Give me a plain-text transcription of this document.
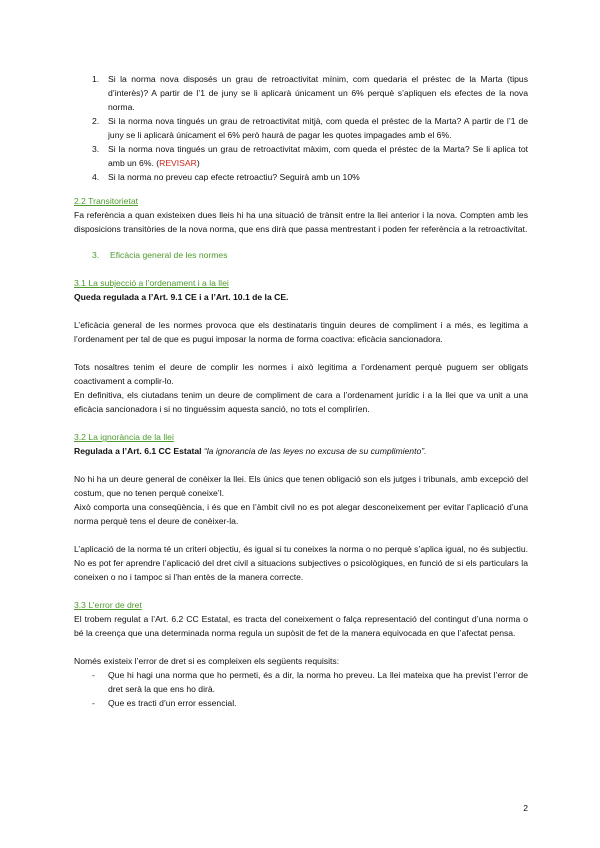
1. Si la norma nova disposés un grau de retroactivitat mínim, com quedaria el préstec de la Marta (tipus d’interès)? A partir de l’1 de juny se li aplicarà únicament un 6% perquè s’apliquen els efectes de la nova norma.
2. Si la norma nova tingués un grau de retroactivitat mitjà, com queda el préstec de la Marta? A partir de l’1 de juny se li aplicarà únicament el 6% però haurà de pagar les quotes impagades amb el 6%.
3. Si la norma nova tingués un grau de retroactivitat màxim, com queda el préstec de la Marta? Se li aplica tot amb un 6%. (REVISAR)
4. Si la norma no preveu cap efecte retroactiu? Seguirà amb un 10%
2.2 Transitorietat

Fa referència a quan existeixen dues lleis hi ha una situació de trànsit entre la llei anterior i la nova. Compten amb les disposicions transitòries de la nova norma, que ens dirà que passa mentrestant i poden fer referència a la retroactivitat.

3. Eficàcia general de les normes
3.1 La subjecció a l’ordenament i a la llei

Queda regulada a l’Art. 9.1 CE i a l’Art. 10.1 de la CE.

L’eficàcia general de les normes provoca que els destinataris tinguin deures de compliment i a més, es legitima a l’ordenament per tal de que es pugui imposar la norma de forma coactiva: eficàcia sancionadora.

Tots nosaltres tenim el deure de complir les normes i això legitima a l’ordenament perquè puguem ser obligats coactivament a complir-lo.

En definitiva, els ciutadans tenim un deure de compliment de cara a l’ordenament jurídic i a la llei que va unit a una eficàcia sancionadora i si no tinguéssim aquesta sanció, no tots el compliríen.

3.2 La ignorància de la llei

Regulada a l’Art. 6.1 CC Estatal “la ignorancia de las leyes no excusa de su cumplimiento”.

No hi ha un deure general de conèixer la llei. Els únics que tenen obligació son els jutges i tribunals, amb excepció del costum, que no tenen perquè coneixe’l.

Això comporta una conseqüència, i és que en l’àmbit civil no es pot alegar desconeixement per evitar l’aplicació d’una norma perquè tens el deure de conèixer-la.

L’aplicació de la norma té un criteri objectiu, és igual si tu coneixes la norma o no perquè s’aplica igual, no és subjectiu. No es pot fer aprendre l’aplicació del dret civil a situacions subjectives o psicològiques, en funció de si els particulars la coneixen o no i tampoc si l’han entès de la manera correcte.

3.3 L’error de dret

El trobem regulat a l’Art. 6.2 CC Estatal, es tracta del coneixement o falça representació del contingut d’una norma o bé la creença que una determinada norma regula un supòsit de fet de la manera equivocada en que l’afectat pensa.

Només existeix l’error de dret si es compleixen els següents requisits:

- Que hi hagi una norma que ho permeti, és a dir, la norma ho preveu. La llei mateixa que ha previst l’error de dret serà la que ens ho dirà.
- Que es tracti d’un error essencial.
2
